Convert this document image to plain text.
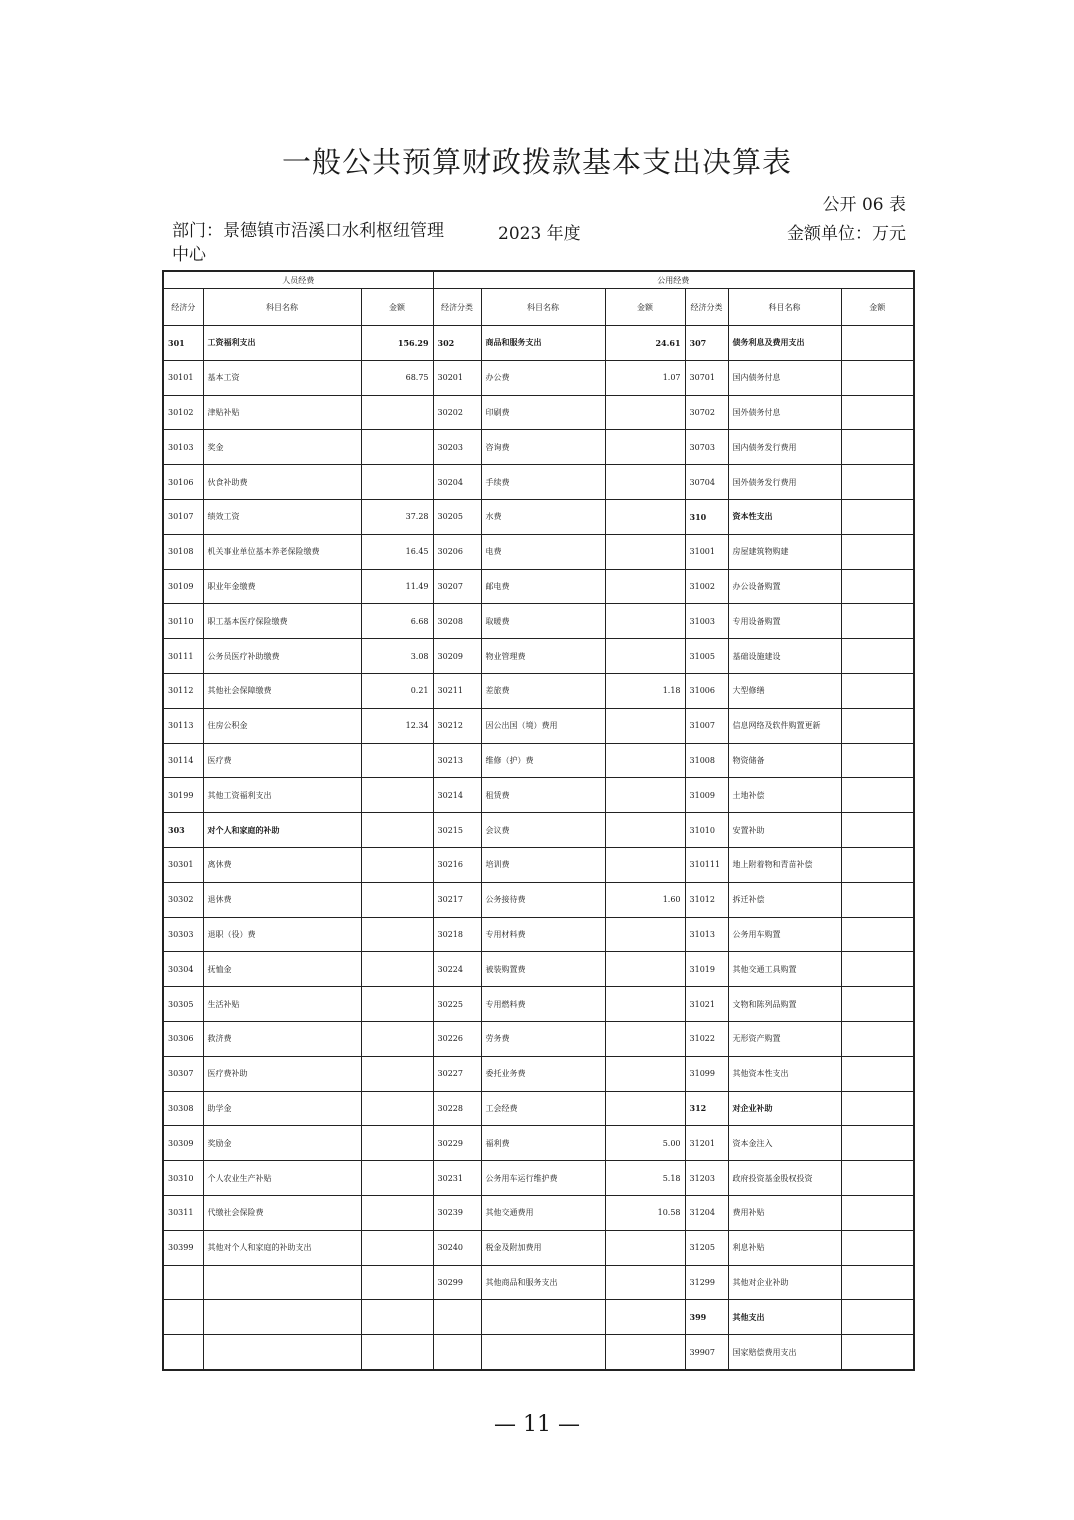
一般公共预算财政拨款基本支出决算表
公开 06 表
部门：景德镇市浯溪口水利枢纽管理中心
2023 年度	金额单位：万元
人员经费			公用经费					
经济分	科目名称	金额	经济分类	科目名称	金额	经济分类	科目名称	金额
301	工资福利支出	156.29	302	商品和服务支出	24.61	307	债务利息及费用支出	
30101	基本工资	68.75	30201	办公费	1.07	30701	国内债务付息	
30102	津贴补贴		30202	印刷费		30702	国外债务付息	
30103	奖金		30203	咨询费		30703	国内债务发行费用	
30106	伙食补助费		30204	手续费		30704	国外债务发行费用	
30107	绩效工资	37.28	30205	水费		310	资本性支出	
30108	机关事业单位基本养老保险缴费	16.45	30206	电费		31001	房屋建筑物购建	
30109	职业年金缴费	11.49	30207	邮电费		31002	办公设备购置	
30110	职工基本医疗保险缴费	6.68	30208	取暖费		31003	专用设备购置	
30111	公务员医疗补助缴费	3.08	30209	物业管理费		31005	基础设施建设	
30112	其他社会保障缴费	0.21	30211	差旅费	1.18	31006	大型修缮	
30113	住房公积金	12.34	30212	因公出国（境）费用		31007	信息网络及软件购置更新	
30114	医疗费		30213	维修（护）费		31008	物资储备	
30199	其他工资福利支出		30214	租赁费		31009	土地补偿	
303	对个人和家庭的补助		30215	会议费		31010	安置补助	
30301	离休费		30216	培训费		310111	地上附着物和青苗补偿	
30302	退休费		30217	公务接待费	1.60	31012	拆迁补偿	
30303	退职（役）费		30218	专用材料费		31013	公务用车购置	
30304	抚恤金		30224	被装购置费		31019	其他交通工具购置	
30305	生活补贴		30225	专用燃料费		31021	文物和陈列品购置	
30306	救济费		30226	劳务费		31022	无形资产购置	
30307	医疗费补助		30227	委托业务费		31099	其他资本性支出	
30308	助学金		30228	工会经费		312	对企业补助	
30309	奖励金		30229	福利费	5.00	31201	资本金注入	
30310	个人农业生产补贴		30231	公务用车运行维护费	5.18	31203	政府投资基金股权投资	
30311	代缴社会保险费		30239	其他交通费用	10.58	31204	费用补贴	
30399	其他对个人和家庭的补助支出		30240	税金及附加费用		31205	利息补贴	
			30299	其他商品和服务支出		31299	其他对企业补助	
						399	其他支出	
						39907	国家赔偿费用支出	
— 11 —
